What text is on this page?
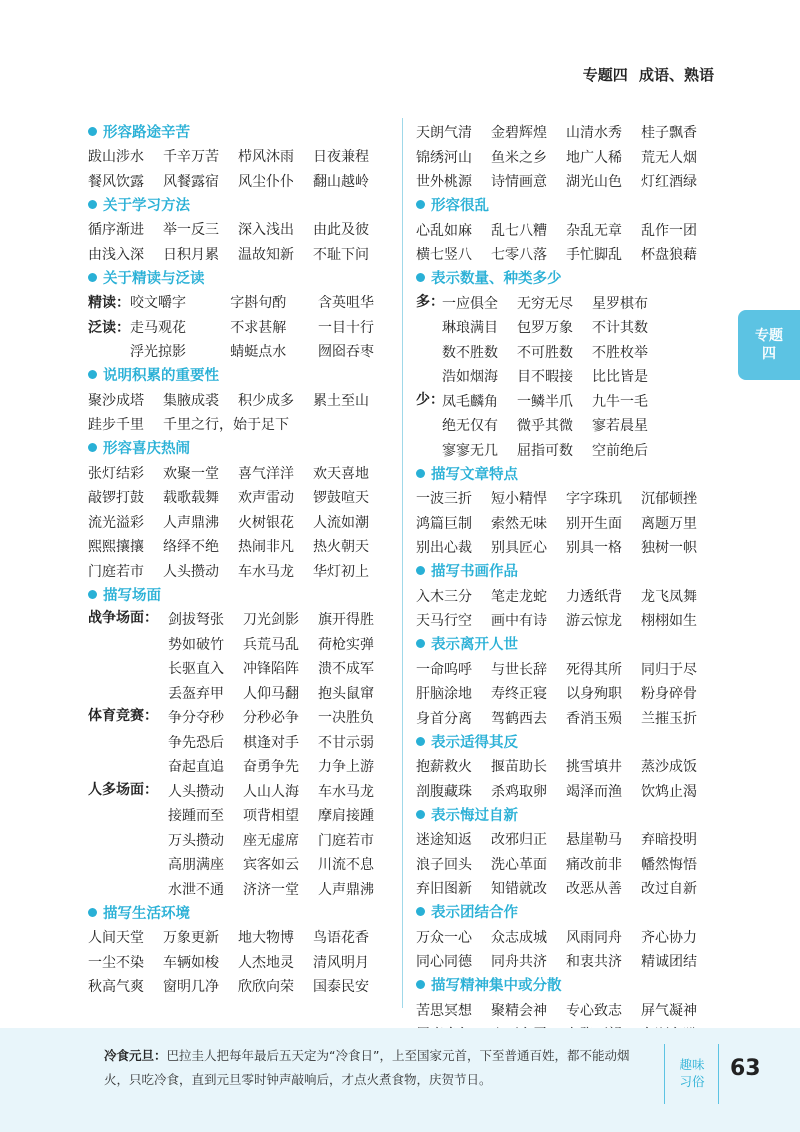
专题四 成语、熟语
专题
四
形容路途辛苦
跋山涉水	千辛万苦	栉风沐雨	日夜兼程
餐风饮露	风餐露宿	风尘仆仆	翻山越岭
关于学习方法
循序渐进	举一反三	深入浅出	由此及彼
由浅入深	日积月累	温故知新	不耻下问
关于精读与泛读
精读： 咬文嚼字	字斟句酌	含英咀华
泛读： 走马观花	不求甚解	一目十行
浮光掠影	蜻蜓点水	囫囵吞枣
说明积累的重要性
聚沙成塔	集腋成裘	积少成多	累土至山
跬步千里	千里之行，始于足下
形容喜庆热闹
张灯结彩	欢聚一堂	喜气洋洋	欢天喜地
敲锣打鼓	载歌载舞	欢声雷动	锣鼓喧天
流光溢彩	人声鼎沸	火树银花	人流如潮
熙熙攘攘	络绎不绝	热闹非凡	热火朝天
门庭若市	人头攒动	车水马龙	华灯初上
描写场面
战争场面： 剑拔弩张	刀光剑影	旗开得胜
势如破竹	兵荒马乱	荷枪实弹
长驱直入	冲锋陷阵	溃不成军
丢盔弃甲	人仰马翻	抱头鼠窜
体育竞赛： 争分夺秒	分秒必争	一决胜负
争先恐后	棋逢对手	不甘示弱
奋起直追	奋勇争先	力争上游
人多场面： 人头攒动	人山人海	车水马龙
接踵而至	项背相望	摩肩接踵
万头攒动	座无虚席	门庭若市
高朋满座	宾客如云	川流不息
水泄不通	济济一堂	人声鼎沸
描写生活环境
人间天堂	万象更新	地大物博	鸟语花香
一尘不染	车辆如梭	人杰地灵	清风明月
秋高气爽	窗明几净	欣欣向荣	国泰民安
天朗气清	金碧辉煌	山清水秀	桂子飘香
锦绣河山	鱼米之乡	地广人稀	荒无人烟
世外桃源	诗情画意	湖光山色	灯红酒绿
形容很乱
心乱如麻	乱七八糟	杂乱无章	乱作一团
横七竖八	七零八落	手忙脚乱	杯盘狼藉
表示数量、种类多少
多：
一应俱全	无穷无尽	星罗棋布
琳琅满目	包罗万象	不计其数
数不胜数	不可胜数	不胜枚举
浩如烟海	目不暇接	比比皆是
少：
凤毛麟角	一鳞半爪	九牛一毛
绝无仅有	微乎其微	寥若晨星
寥寥无几	屈指可数	空前绝后
描写文章特点
一波三折	短小精悍	字字珠玑	沉郁顿挫
鸿篇巨制	索然无味	别开生面	离题万里
别出心裁	别具匠心	别具一格	独树一帜
描写书画作品
入木三分	笔走龙蛇	力透纸背	龙飞凤舞
天马行空	画中有诗	游云惊龙	栩栩如生
表示离开人世
一命呜呼	与世长辞	死得其所	同归于尽
肝脑涂地	寿终正寝	以身殉职	粉身碎骨
身首分离	驾鹤西去	香消玉殒	兰摧玉折
表示适得其反
抱薪救火	揠苗助长	挑雪填井	蒸沙成饭
剖腹藏珠	杀鸡取卵	竭泽而渔	饮鸩止渴
表示悔过自新
迷途知返	改邪归正	悬崖勒马	弃暗投明
浪子回头	洗心革面	痛改前非	幡然悔悟
弃旧图新	知错就改	改恶从善	改过自新
表示团结合作
万众一心	众志成城	风雨同舟	齐心协力
同心同德	同舟共济	和衷共济	精诚团结
描写精神集中或分散
苦思冥想	聚精会神	专心致志	屏气凝神
冷食元旦：巴拉圭人把每年最后五天定为“冷食日”，上至国家元首，下至普通百姓，都不能动烟火，只吃冷食，直到元旦零时钟声敲响后，才点火煮食物，庆贺节日。
趣味
习俗
63
